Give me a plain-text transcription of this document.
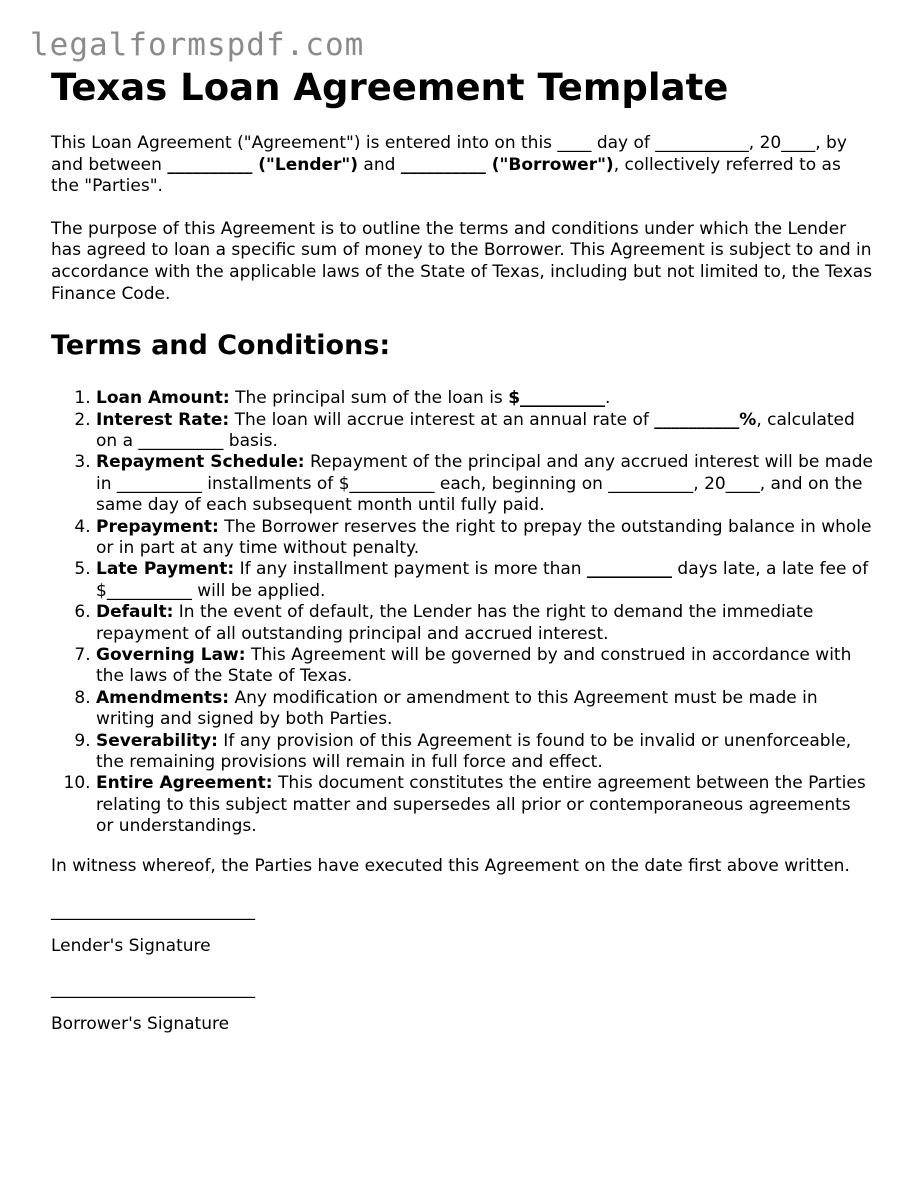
legalformspdf.com
Texas Loan Agreement Template

This Loan Agreement ("Agreement") is entered into on this ____ day of ___________, 20____, by and between __________ ("Lender") and __________ ("Borrower"), collectively referred to as the "Parties".

The purpose of this Agreement is to outline the terms and conditions under which the Lender has agreed to loan a specific sum of money to the Borrower. This Agreement is subject to and in accordance with the applicable laws of the State of Texas, including but not limited to, the Texas Finance Code.

Terms and Conditions:
1. Loan Amount: The principal sum of the loan is $__________.
2. Interest Rate: The loan will accrue interest at an annual rate of __________%, calculated on a __________ basis.
3. Repayment Schedule: Repayment of the principal and any accrued interest will be made in __________ installments of $__________ each, beginning on __________, 20____, and on the same day of each subsequent month until fully paid.
4. Prepayment: The Borrower reserves the right to prepay the outstanding balance in whole or in part at any time without penalty.
5. Late Payment: If any installment payment is more than __________ days late, a late fee of $__________ will be applied.
6. Default: In the event of default, the Lender has the right to demand the immediate repayment of all outstanding principal and accrued interest.
7. Governing Law: This Agreement will be governed by and construed in accordance with the laws of the State of Texas.
8. Amendments: Any modification or amendment to this Agreement must be made in writing and signed by both Parties.
9. Severability: If any provision of this Agreement is found to be invalid or unenforceable, the remaining provisions will remain in full force and effect.
10. Entire Agreement: This document constitutes the entire agreement between the Parties relating to this subject matter and supersedes all prior or contemporaneous agreements or understandings.

In witness whereof, the Parties have executed this Agreement on the date first above written.

________________________
Lender's Signature
________________________
Borrower's Signature
